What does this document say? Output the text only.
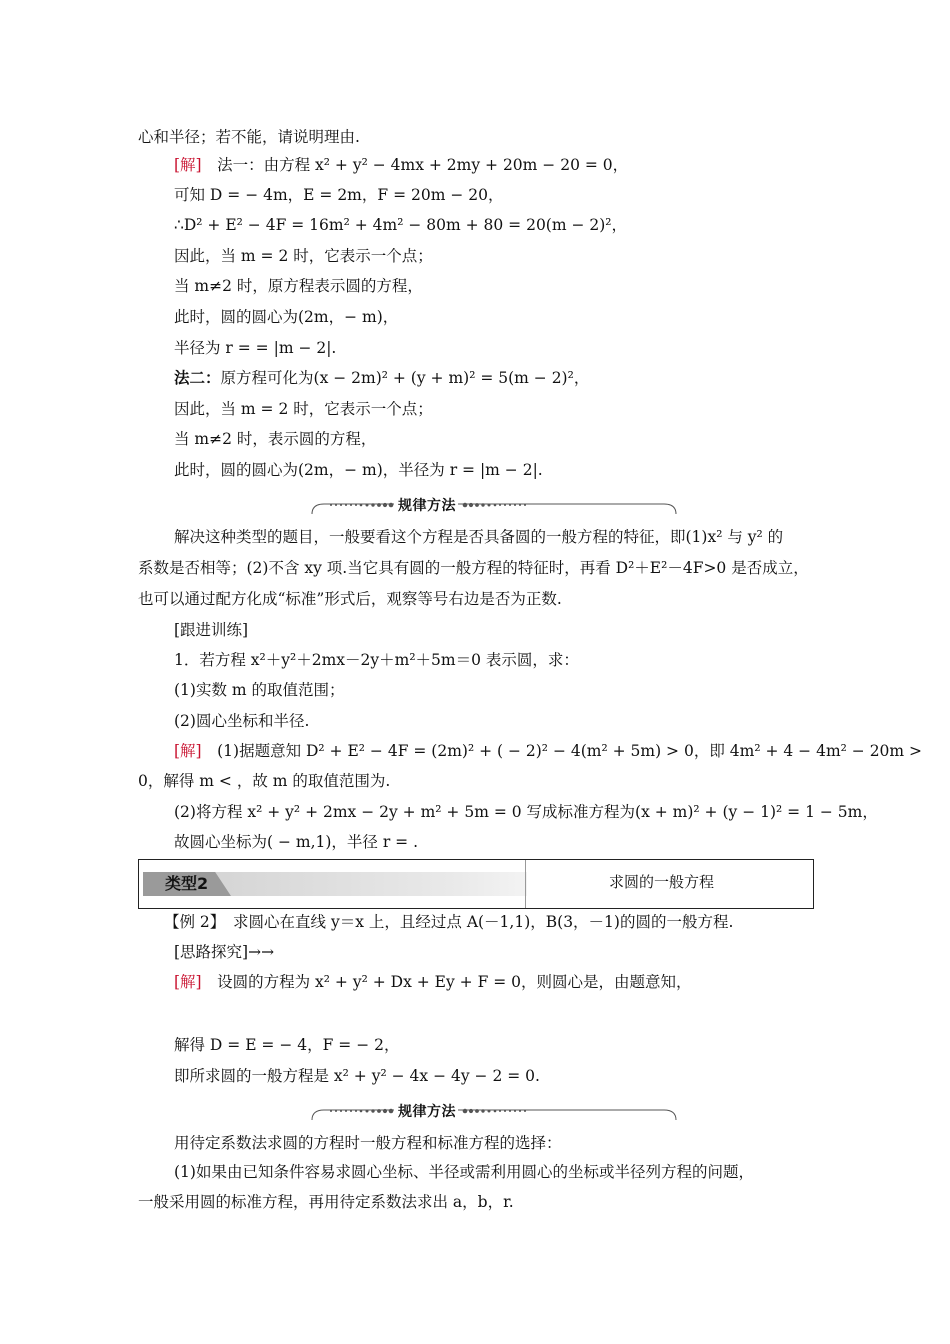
心和半径；若不能，请说明理由.
[解]　法一：由方程 x² + y² − 4mx + 2my + 20m − 20 = 0，
可知 D = − 4m，E = 2m，F = 20m − 20，
∴D² + E² − 4F = 16m² + 4m² − 80m + 80 = 20(m − 2)²，
因此，当 m = 2 时，它表示一个点；
当 m≠2 时，原方程表示圆的方程，
此时，圆的圆心为(2m，− m)，
半径为 r = = |m − 2|.
法二：原方程可化为(x − 2m)² + (y + m)² = 5(m − 2)²，
因此，当 m = 2 时，它表示一个点；
当 m≠2 时，表示圆的方程，
此时，圆的圆心为(2m，− m)，半径为 r = |m − 2|.
规律方法
解决这种类型的题目，一般要看这个方程是否具备圆的一般方程的特征，即(1)x² 与 y² 的
系数是否相等；(2)不含 xy 项.当它具有圆的一般方程的特征时，再看 D²＋E²－4F>0 是否成立，
也可以通过配方化成“标准”形式后，观察等号右边是否为正数.
[跟进训练]
1．若方程 x²＋y²＋2mx－2y＋m²＋5m＝0 表示圆，求：
(1)实数 m 的取值范围；
(2)圆心坐标和半径.
[解]　(1)据题意知 D² + E² − 4F = (2m)² + ( − 2)² − 4(m² + 5m) > 0，即 4m² + 4 − 4m² − 20m >
0，解得 m < ，故 m 的取值范围为.
(2)将方程 x² + y² + 2mx − 2y + m² + 5m = 0 写成标准方程为(x + m)² + (y − 1)² = 1 − 5m，
故圆心坐标为( − m,1)，半径 r = .
类型2	求圆的一般方程
【例 2】　求圆心在直线 y＝x 上，且经过点 A(－1,1)，B(3，－1)的圆的一般方程.
[思路探究]→→
[解]　设圆的方程为 x² + y² + Dx + Ey + F = 0，则圆心是，由题意知，
解得 D = E = − 4，F = − 2，
即所求圆的一般方程是 x² + y² − 4x − 4y − 2 = 0.
规律方法
用待定系数法求圆的方程时一般方程和标准方程的选择：
(1)如果由已知条件容易求圆心坐标、半径或需利用圆心的坐标或半径列方程的问题，
一般采用圆的标准方程，再用待定系数法求出 a，b，r.
